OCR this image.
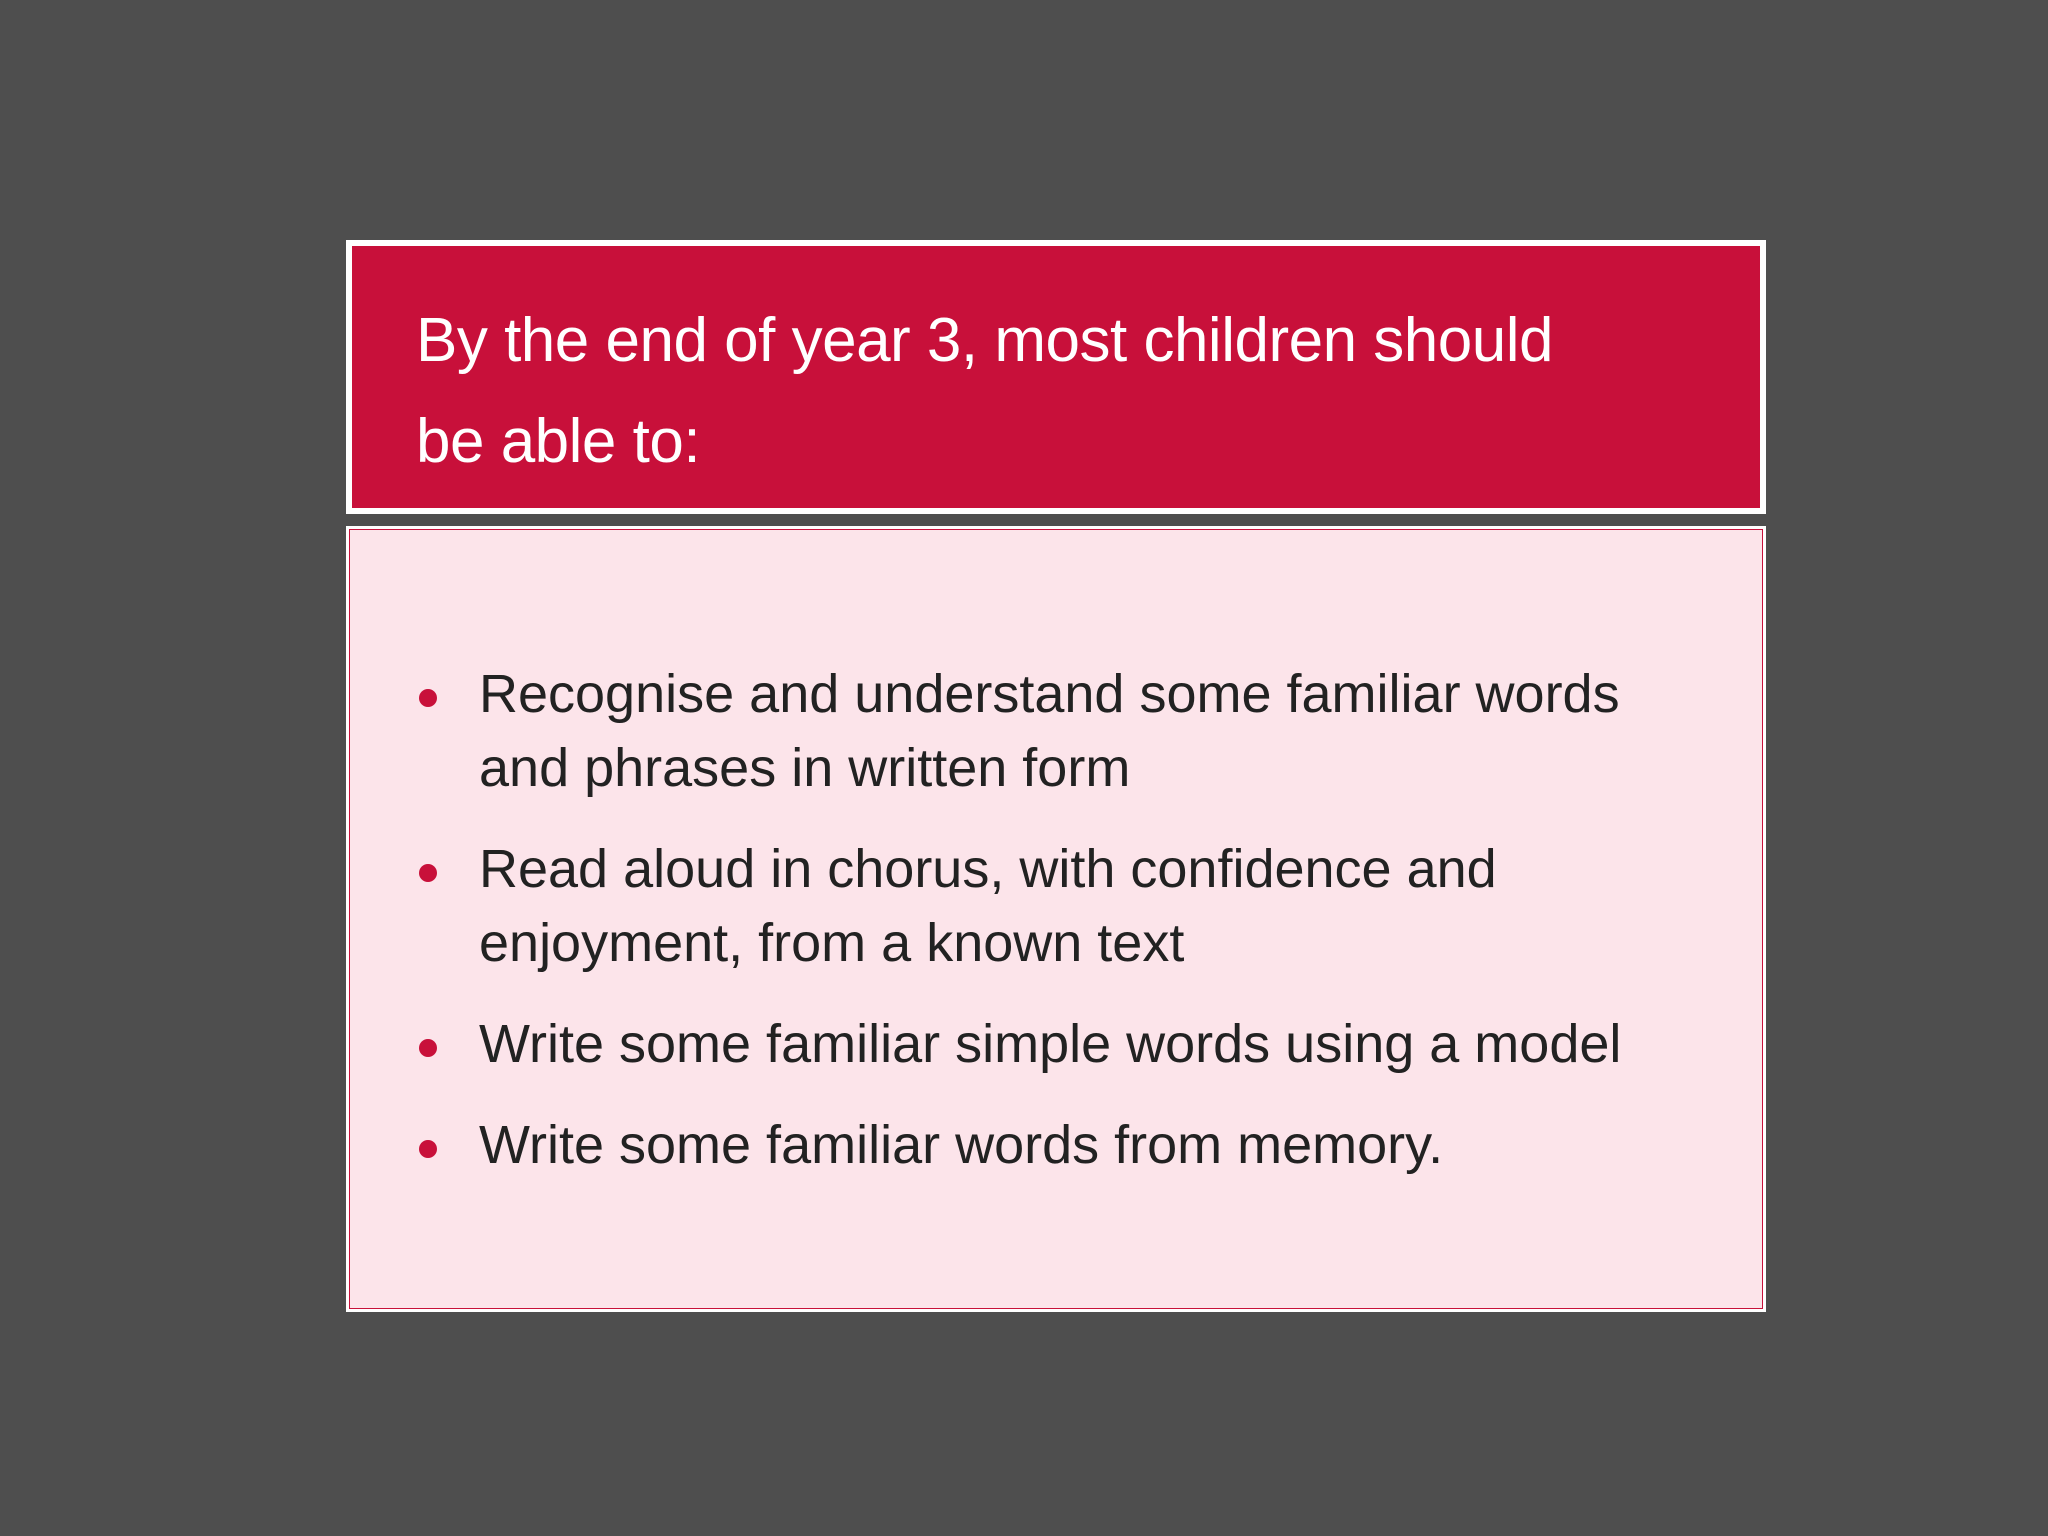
By the end of year 3, most children should be able to:
Recognise and understand some familiar words and phrases in written form
Read aloud in chorus, with confidence and enjoyment, from a known text
Write some familiar simple words using a model
Write some familiar words from memory.
